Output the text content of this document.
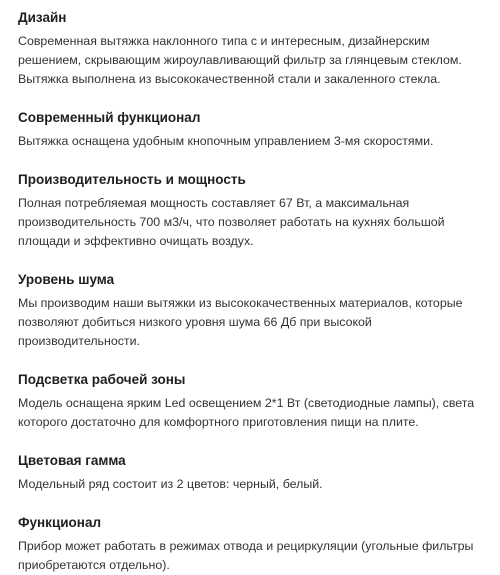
Дизайн

Современная вытяжка наклонного типа с и интересным, дизайнерским решением, скрывающим жироулавливающий фильтр за глянцевым стеклом. Вытяжка выполнена из высококачественной стали и закаленного стекла.

Современный функционал

Вытяжка оснащена удобным кнопочным управлением 3-мя скоростями.

Производительность и мощность

Полная потребляемая мощность составляет 67 Вт, а максимальная производительность 700 м3/ч, что позволяет работать на кухнях большой площади и эффективно очищать воздух.

Уровень шума

Мы производим наши вытяжки из высококачественных материалов, которые позволяют добиться низкого уровня шума 66 Дб при высокой производительности.

Подсветка рабочей зоны

Модель оснащена ярким Led освещением 2*1 Вт (светодиодные лампы), света которого достаточно для комфортного приготовления пищи на плите.

Цветовая гамма

Модельный ряд состоит из 2 цветов: черный, белый.

Функционал

Прибор может работать в режимах отвода и рециркуляции (угольные фильтры приобретаются отдельно).
